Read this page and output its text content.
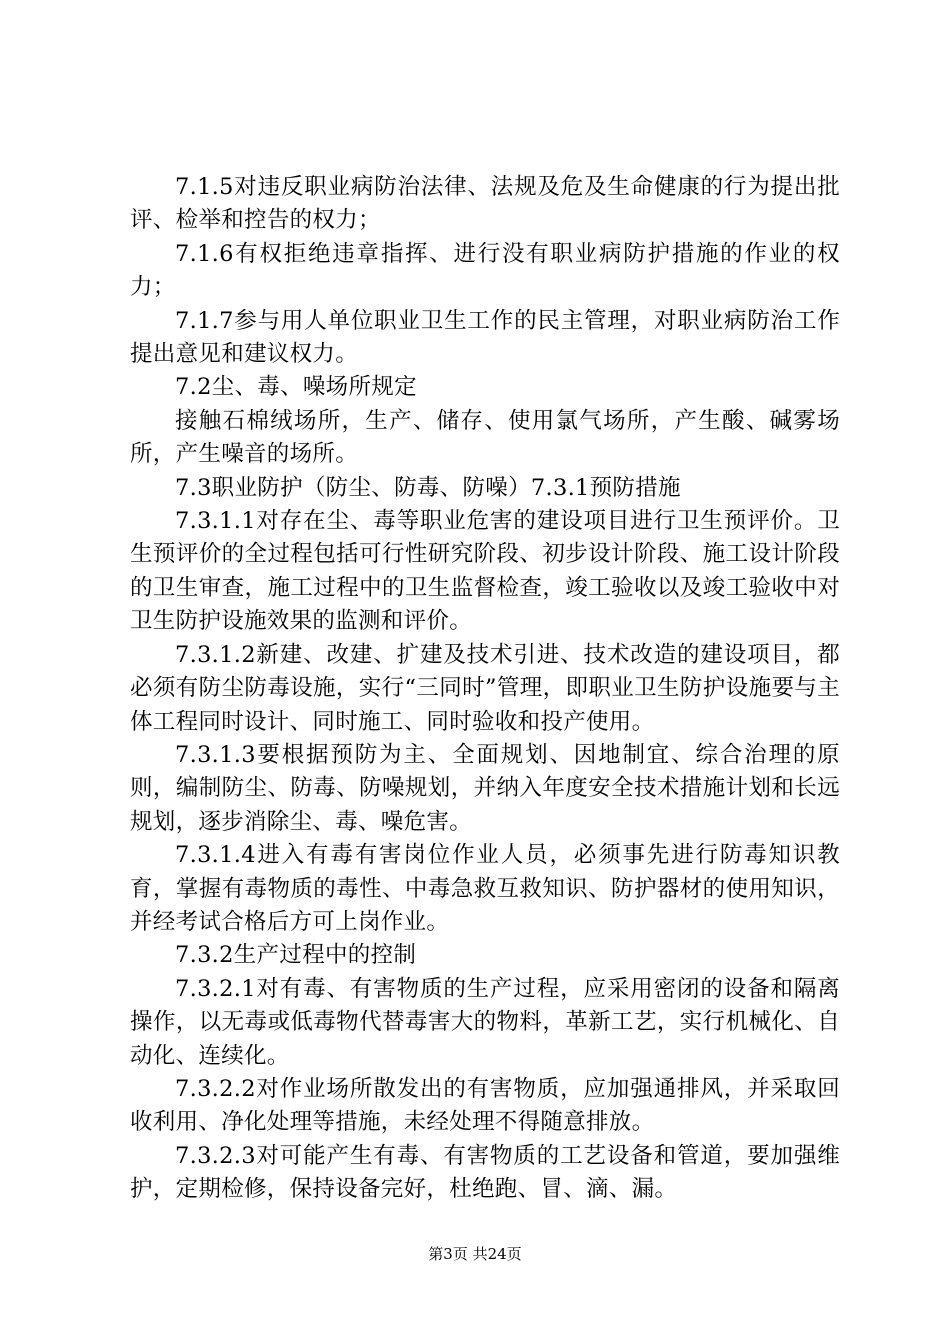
7.1.5对违反职业病防治法律、法规及危及生命健康的行为提出批评、检举和控告的权力；

7.1.6有权拒绝违章指挥、进行没有职业病防护措施的作业的权力；

7.1.7参与用人单位职业卫生工作的民主管理，对职业病防治工作提出意见和建议权力。

7.2尘、毒、噪场所规定

接触石棉绒场所，生产、储存、使用氯气场所，产生酸、碱雾场所，产生噪音的场所。

7.3职业防护（防尘、防毒、防噪）7.3.1预防措施

7.3.1.1对存在尘、毒等职业危害的建设项目进行卫生预评价。卫生预评价的全过程包括可行性研究阶段、初步设计阶段、施工设计阶段的卫生审查，施工过程中的卫生监督检查，竣工验收以及竣工验收中对卫生防护设施效果的监测和评价。

7.3.1.2新建、改建、扩建及技术引进、技术改造的建设项目，都必须有防尘防毒设施，实行“三同时”管理，即职业卫生防护设施要与主体工程同时设计、同时施工、同时验收和投产使用。

7.3.1.3要根据预防为主、全面规划、因地制宜、综合治理的原则，编制防尘、防毒、防噪规划，并纳入年度安全技术措施计划和长远规划，逐步消除尘、毒、噪危害。

7.3.1.4进入有毒有害岗位作业人员，必须事先进行防毒知识教育，掌握有毒物质的毒性、中毒急救互救知识、防护器材的使用知识，并经考试合格后方可上岗作业。

7.3.2生产过程中的控制

7.3.2.1对有毒、有害物质的生产过程，应采用密闭的设备和隔离操作，以无毒或低毒物代替毒害大的物料，革新工艺，实行机械化、自动化、连续化。

7.3.2.2对作业场所散发出的有害物质，应加强通排风，并采取回收利用、净化处理等措施，未经处理不得随意排放。

7.3.2.3对可能产生有毒、有害物质的工艺设备和管道，要加强维护，定期检修，保持设备完好，杜绝跑、冒、滴、漏。

第3页 共24页
